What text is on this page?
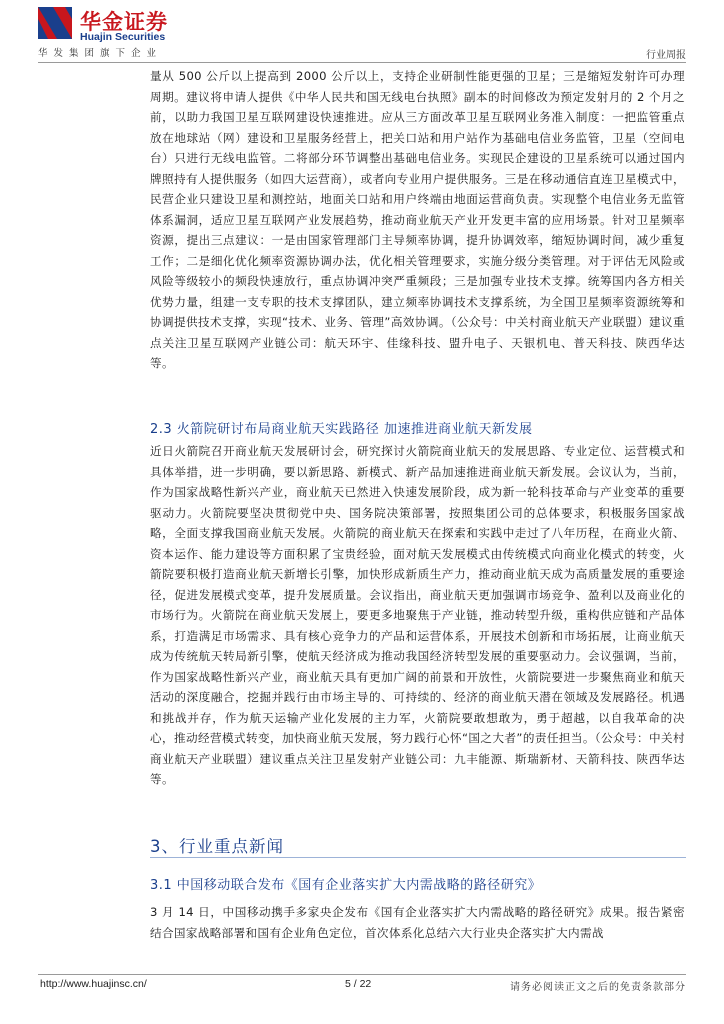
华金证券
Huajin Securities
华发集团旗下企业	行业周报
量从 500 公斤以上提高到 2000 公斤以上，支持企业研制性能更强的卫星；三是缩短发射许可办理周期。建议将申请人提供《中华人民共和国无线电台执照》副本的时间修改为预定发射月的 2 个月之前，以助力我国卫星互联网建设快速推进。应从三方面改革卫星互联网业务准入制度：一把监管重点放在地球站（网）建设和卫星服务经营上，把关口站和用户站作为基础电信业务监管，卫星（空间电台）只进行无线电监管。二将部分环节调整出基础电信业务。实现民企建设的卫星系统可以通过国内牌照持有人提供服务（如四大运营商），或者向专业用户提供服务。三是在移动通信直连卫星模式中，民营企业只建设卫星和测控站，地面关口站和用户终端由地面运营商负责。实现整个电信业务无监管体系漏洞，适应卫星互联网产业发展趋势，推动商业航天产业开发更丰富的应用场景。针对卫星频率资源，提出三点建议：一是由国家管理部门主导频率协调，提升协调效率，缩短协调时间，减少重复工作；二是细化优化频率资源协调办法，优化相关管理要求，实施分级分类管理。对于评估无风险或风险等级较小的频段快速放行，重点协调冲突严重频段；三是加强专业技术支撑。统筹国内各方相关优势力量，组建一支专职的技术支撑团队，建立频率协调技术支撑系统，为全国卫星频率资源统筹和协调提供技术支撑，实现“技术、业务、管理”高效协调。（公众号：中关村商业航天产业联盟）建议重点关注卫星互联网产业链公司：航天环宇、佳缘科技、盟升电子、天银机电、普天科技、陕西华达等。
2.3 火箭院研讨布局商业航天实践路径 加速推进商业航天新发展
近日火箭院召开商业航天发展研讨会，研究探讨火箭院商业航天的发展思路、专业定位、运营模式和具体举措，进一步明确，要以新思路、新模式、新产品加速推进商业航天新发展。会议认为，当前，作为国家战略性新兴产业，商业航天已然进入快速发展阶段，成为新一轮科技革命与产业变革的重要驱动力。火箭院要坚决贯彻党中央、国务院决策部署，按照集团公司的总体要求，积极服务国家战略，全面支撑我国商业航天发展。火箭院的商业航天在探索和实践中走过了八年历程，在商业火箭、资本运作、能力建设等方面积累了宝贵经验，面对航天发展模式由传统模式向商业化模式的转变，火箭院要积极打造商业航天新增长引擎，加快形成新质生产力，推动商业航天成为高质量发展的重要途径，促进发展模式变革，提升发展质量。会议指出，商业航天更加强调市场竞争、盈利以及商业化的市场行为。火箭院在商业航天发展上，要更多地聚焦于产业链，推动转型升级，重构供应链和产品体系，打造满足市场需求、具有核心竞争力的产品和运营体系，开展技术创新和市场拓展，让商业航天成为传统航天转局新引擎，使航天经济成为推动我国经济转型发展的重要驱动力。会议强调，当前，作为国家战略性新兴产业，商业航天具有更加广阔的前景和开放性，火箭院要进一步聚焦商业和航天活动的深度融合，挖掘并践行由市场主导的、可持续的、经济的商业航天潜在领域及发展路径。机遇和挑战并存，作为航天运输产业化发展的主力军，火箭院要敢想敢为，勇于超越，以自我革命的决心，推动经营模式转变，加快商业航天发展，努力践行心怀“国之大者”的责任担当。（公众号：中关村商业航天产业联盟）建议重点关注卫星发射产业链公司：九丰能源、斯瑞新材、天箭科技、陕西华达等。
3、行业重点新闻
3.1 中国移动联合发布《国有企业落实扩大内需战略的路径研究》
3 月 14 日，中国移动携手多家央企发布《国有企业落实扩大内需战略的路径研究》成果。报告紧密结合国家战略部署和国有企业角色定位，首次体系化总结六大行业央企落实扩大内需战
http://www.huajinsc.cn/	5 / 22	请务必阅读正文之后的免责条款部分
